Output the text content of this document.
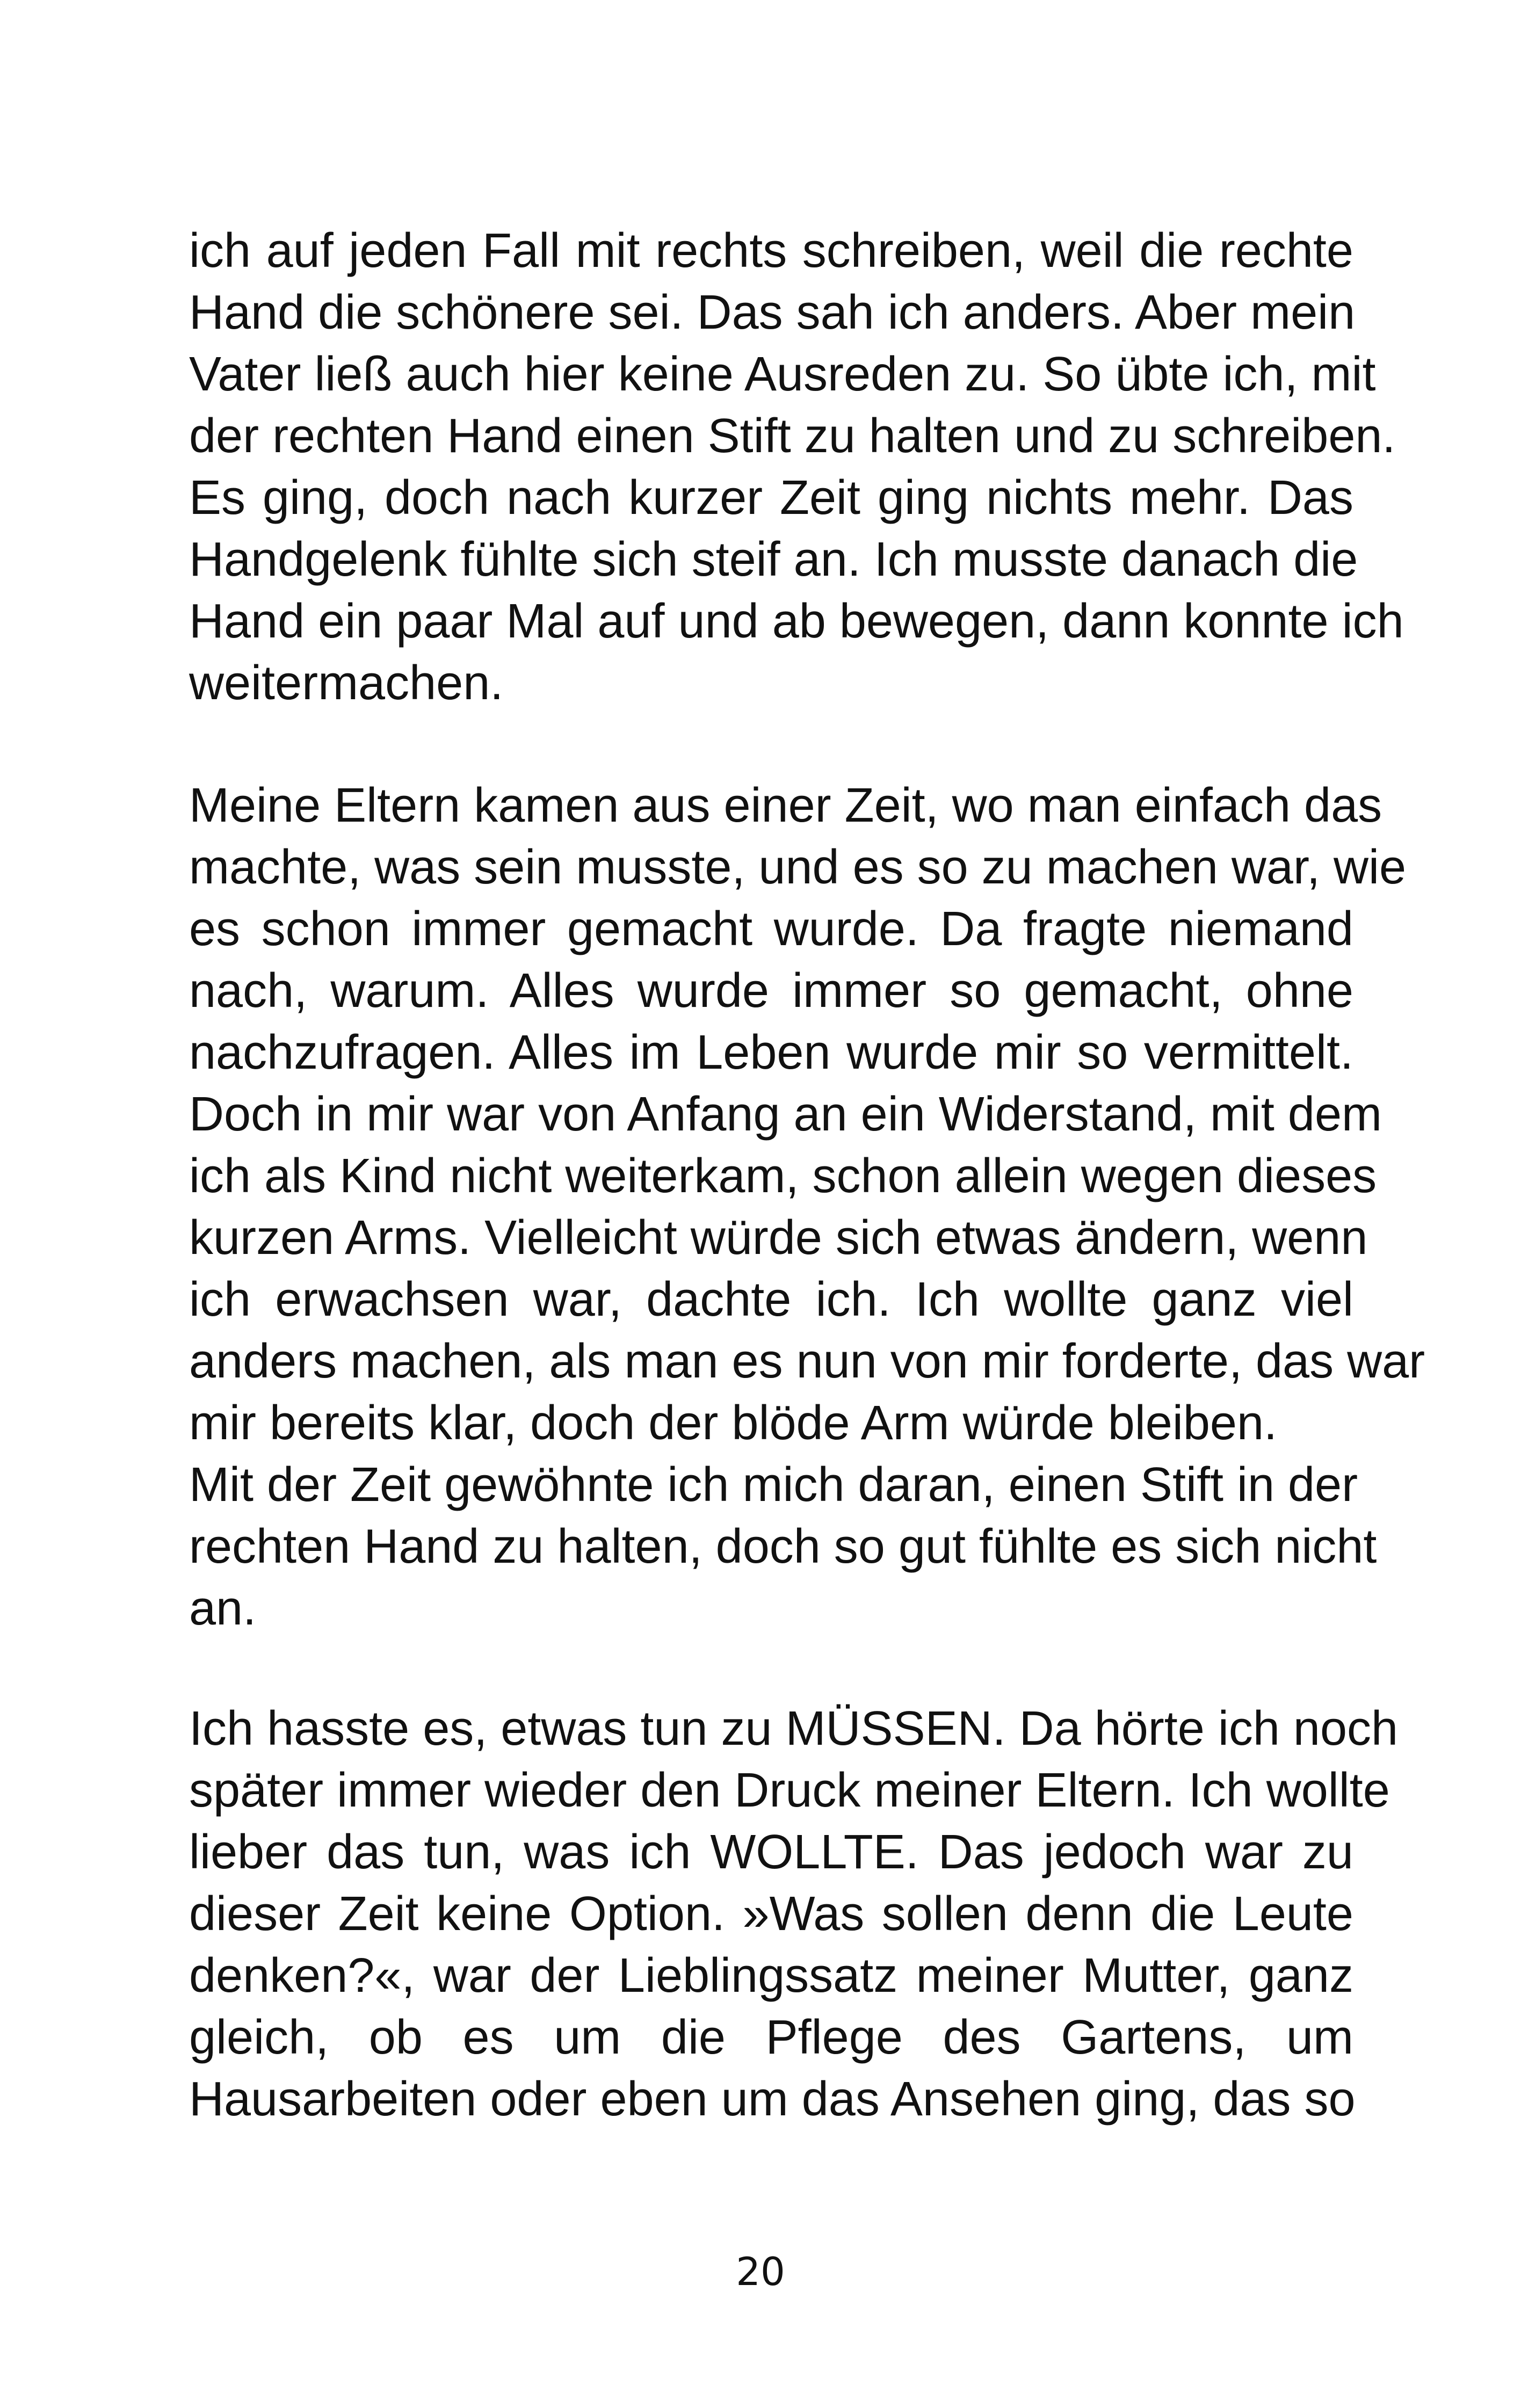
ich auf jeden Fall mit rechts schreiben, weil die rechte
Hand die schönere sei. Das sah ich anders. Aber mein
Vater ließ auch hier keine Ausreden zu. So übte ich, mit
der rechten Hand einen Stift zu halten und zu schreiben.
Es ging, doch nach kurzer Zeit ging nichts mehr. Das
Handgelenk fühlte sich steif an. Ich musste danach die
Hand ein paar Mal auf und ab bewegen, dann konnte ich
weitermachen.
Meine Eltern kamen aus einer Zeit, wo man einfach das
machte, was sein musste, und es so zu machen war, wie
es schon immer gemacht wurde. Da fragte niemand
nach, warum. Alles wurde immer so gemacht, ohne
nachzufragen. Alles im Leben wurde mir so vermittelt.
Doch in mir war von Anfang an ein Widerstand, mit dem
ich als Kind nicht weiterkam, schon allein wegen dieses
kurzen Arms. Vielleicht würde sich etwas ändern, wenn
ich erwachsen war, dachte ich. Ich wollte ganz viel
anders machen, als man es nun von mir forderte, das war
mir bereits klar, doch der blöde Arm würde bleiben.
Mit der Zeit gewöhnte ich mich daran, einen Stift in der
rechten Hand zu halten, doch so gut fühlte es sich nicht
an.
Ich hasste es, etwas tun zu MÜSSEN. Da hörte ich noch
später immer wieder den Druck meiner Eltern. Ich wollte
lieber das tun, was ich WOLLTE. Das jedoch war zu
dieser Zeit keine Option. »Was sollen denn die Leute
denken?«, war der Lieblingssatz meiner Mutter, ganz
gleich, ob es um die Pflege des Gartens, um
Hausarbeiten oder eben um das Ansehen ging, das so
20
